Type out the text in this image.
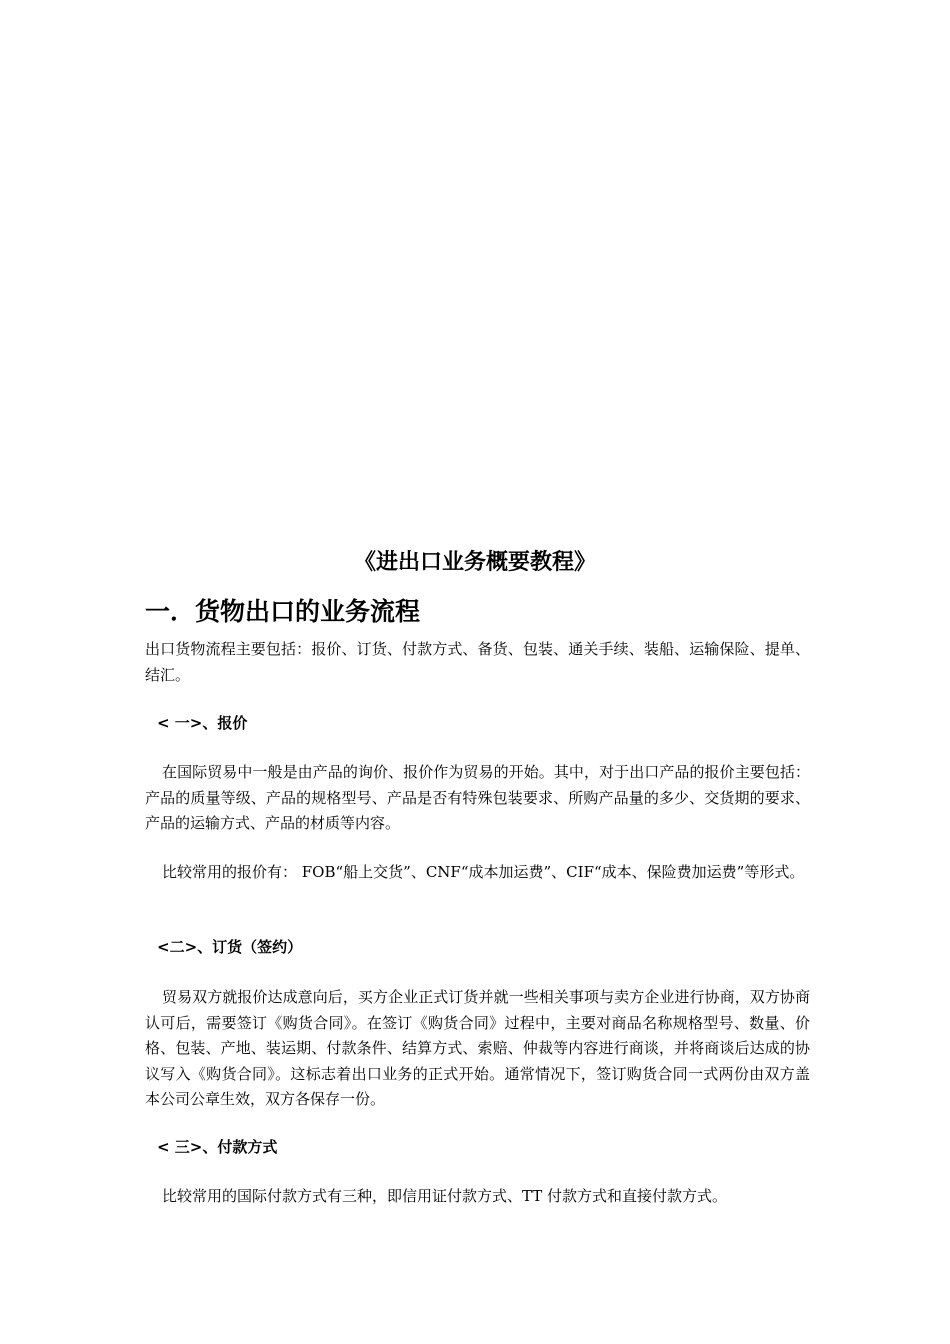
《进出口业务概要教程》
一．货物出口的业务流程

出口货物流程主要包括：报价、订货、付款方式、备货、包装、通关手续、装船、运输保险、提单、结汇。

< 一>、报价

在国际贸易中一般是由产品的询价、报价作为贸易的开始。其中，对于出口产品的报价主要包括：产品的质量等级、产品的规格型号、产品是否有特殊包装要求、所购产品量的多少、交货期的要求、产品的运输方式、产品的材质等内容。

比较常用的报价有： FOB“船上交货”、CNF“成本加运费”、CIF“成本、保险费加运费”等形式。

<二>、订货（签约）

贸易双方就报价达成意向后，买方企业正式订货并就一些相关事项与卖方企业进行协商，双方协商认可后，需要签订《购货合同》。在签订《购货合同》过程中，主要对商品名称规格型号、数量、价格、包装、产地、装运期、付款条件、结算方式、索赔、仲裁等内容进行商谈，并将商谈后达成的协议写入《购货合同》。这标志着出口业务的正式开始。通常情况下，签订购货合同一式两份由双方盖本公司公章生效，双方各保存一份。

< 三>、付款方式

比较常用的国际付款方式有三种，即信用证付款方式、TT 付款方式和直接付款方式。
